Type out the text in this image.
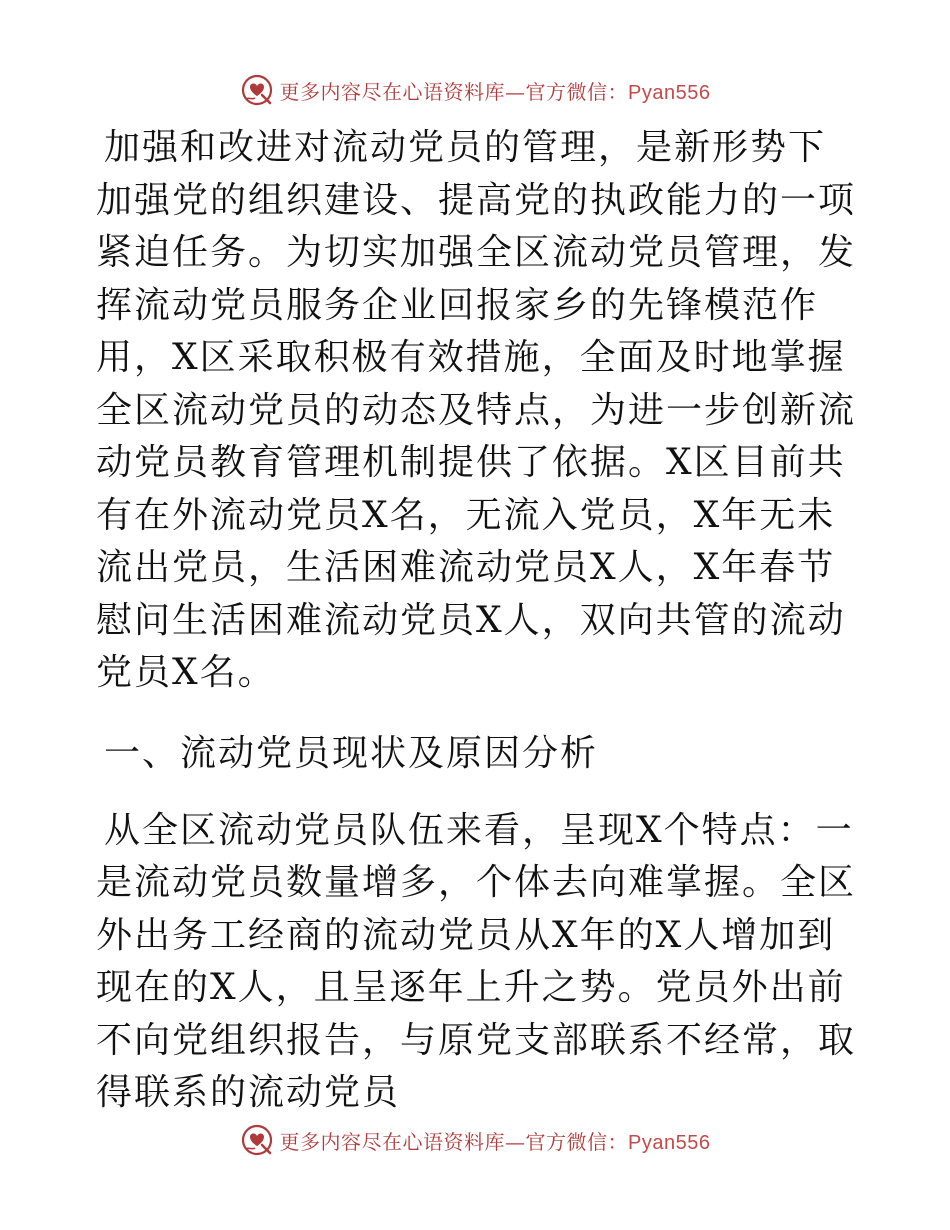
更多内容尽在心语资料库—官方微信：Pyan556

加强和改进对流动党员的管理，是新形势下加强党的组织建设、提高党的执政能力的一项紧迫任务。为切实加强全区流动党员管理，发挥流动党员服务企业回报家乡的先锋模范作用，X区采取积极有效措施，全面及时地掌握全区流动党员的动态及特点，为进一步创新流动党员教育管理机制提供了依据。X区目前共有在外流动党员X名，无流入党员，X年无未流出党员，生活困难流动党员X人，X年春节慰问生活困难流动党员X人，双向共管的流动党员X名。

一、流动党员现状及原因分析

从全区流动党员队伍来看，呈现X个特点：一是流动党员数量增多，个体去向难掌握。全区外出务工经商的流动党员从X年的X人增加到现在的X人，且呈逐年上升之势。党员外出前不向党组织报告，与原党支部联系不经常，取得联系的流动党员

更多内容尽在心语资料库—官方微信：Pyan556
